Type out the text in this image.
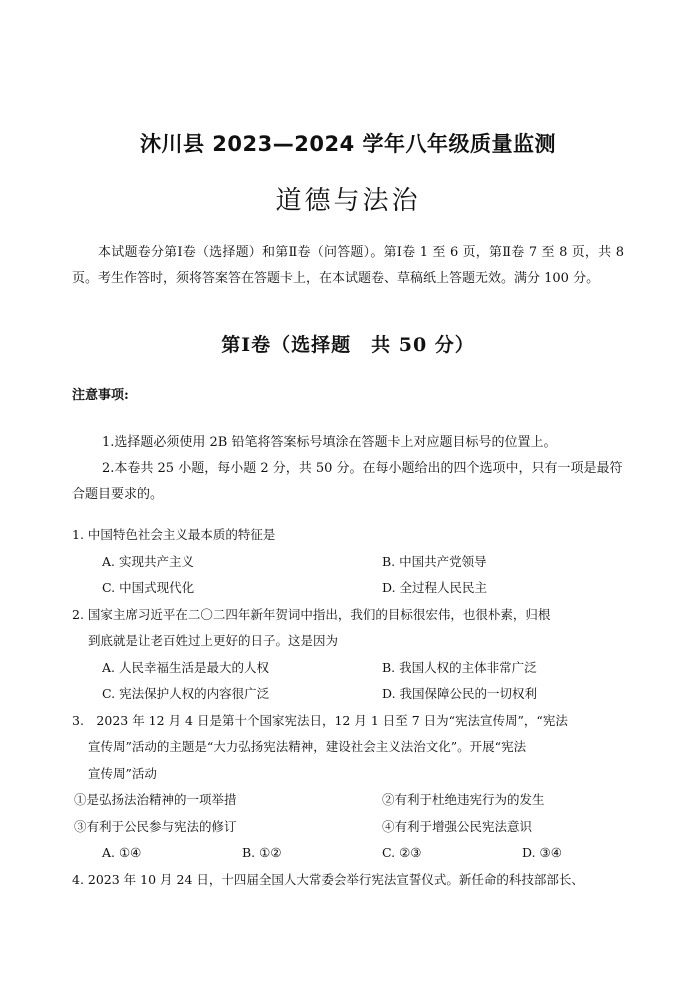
沐川县 2023—2024 学年八年级质量监测
道德与法治
本试题卷分第Ⅰ卷（选择题）和第Ⅱ卷（问答题）。第Ⅰ卷 1 至 6 页，第Ⅱ卷 7 至 8 页，共 8 页。考生作答时，须将答案答在答题卡上，在本试题卷、草稿纸上答题无效。满分 100 分。
第Ⅰ卷（选择题　共 50 分）
注意事项:

1.选择题必须使用 2B 铅笔将答案标号填涂在答题卡上对应题目标号的位置上。

2.本卷共 25 小题，每小题 2 分，共 50 分。在每小题给出的四个选项中，只有一项是最符合题目要求的。

1. 中国特色社会主义最本质的特征是
A. 实现共产主义	B. 中国共产党领导
C. 中国式现代化	D. 全过程人民民主
2. 国家主席习近平在二〇二四年新年贺词中指出，我们的目标很宏伟，也很朴素，归根
到底就是让老百姓过上更好的日子。这是因为
A. 人民幸福生活是最大的人权	B. 我国人权的主体非常广泛
C. 宪法保护人权的内容很广泛	D. 我国保障公民的一切权利
3.　2023 年 12 月 4 日是第十个国家宪法日，12 月 1 日至 7 日为“宪法宣传周”，“宪法
宣传周”活动的主题是“大力弘扬宪法精神，建设社会主义法治文化”。开展“宪法
宣传周”活动
①是弘扬法治精神的一项举措	②有利于杜绝违宪行为的发生
③有利于公民参与宪法的修订	④有利于增强公民宪法意识
A. ①④	B. ①②	C. ②③	D. ③④
4. 2023 年 10 月 24 日，十四届全国人大常委会举行宪法宣誓仪式。新任命的科技部部长、
